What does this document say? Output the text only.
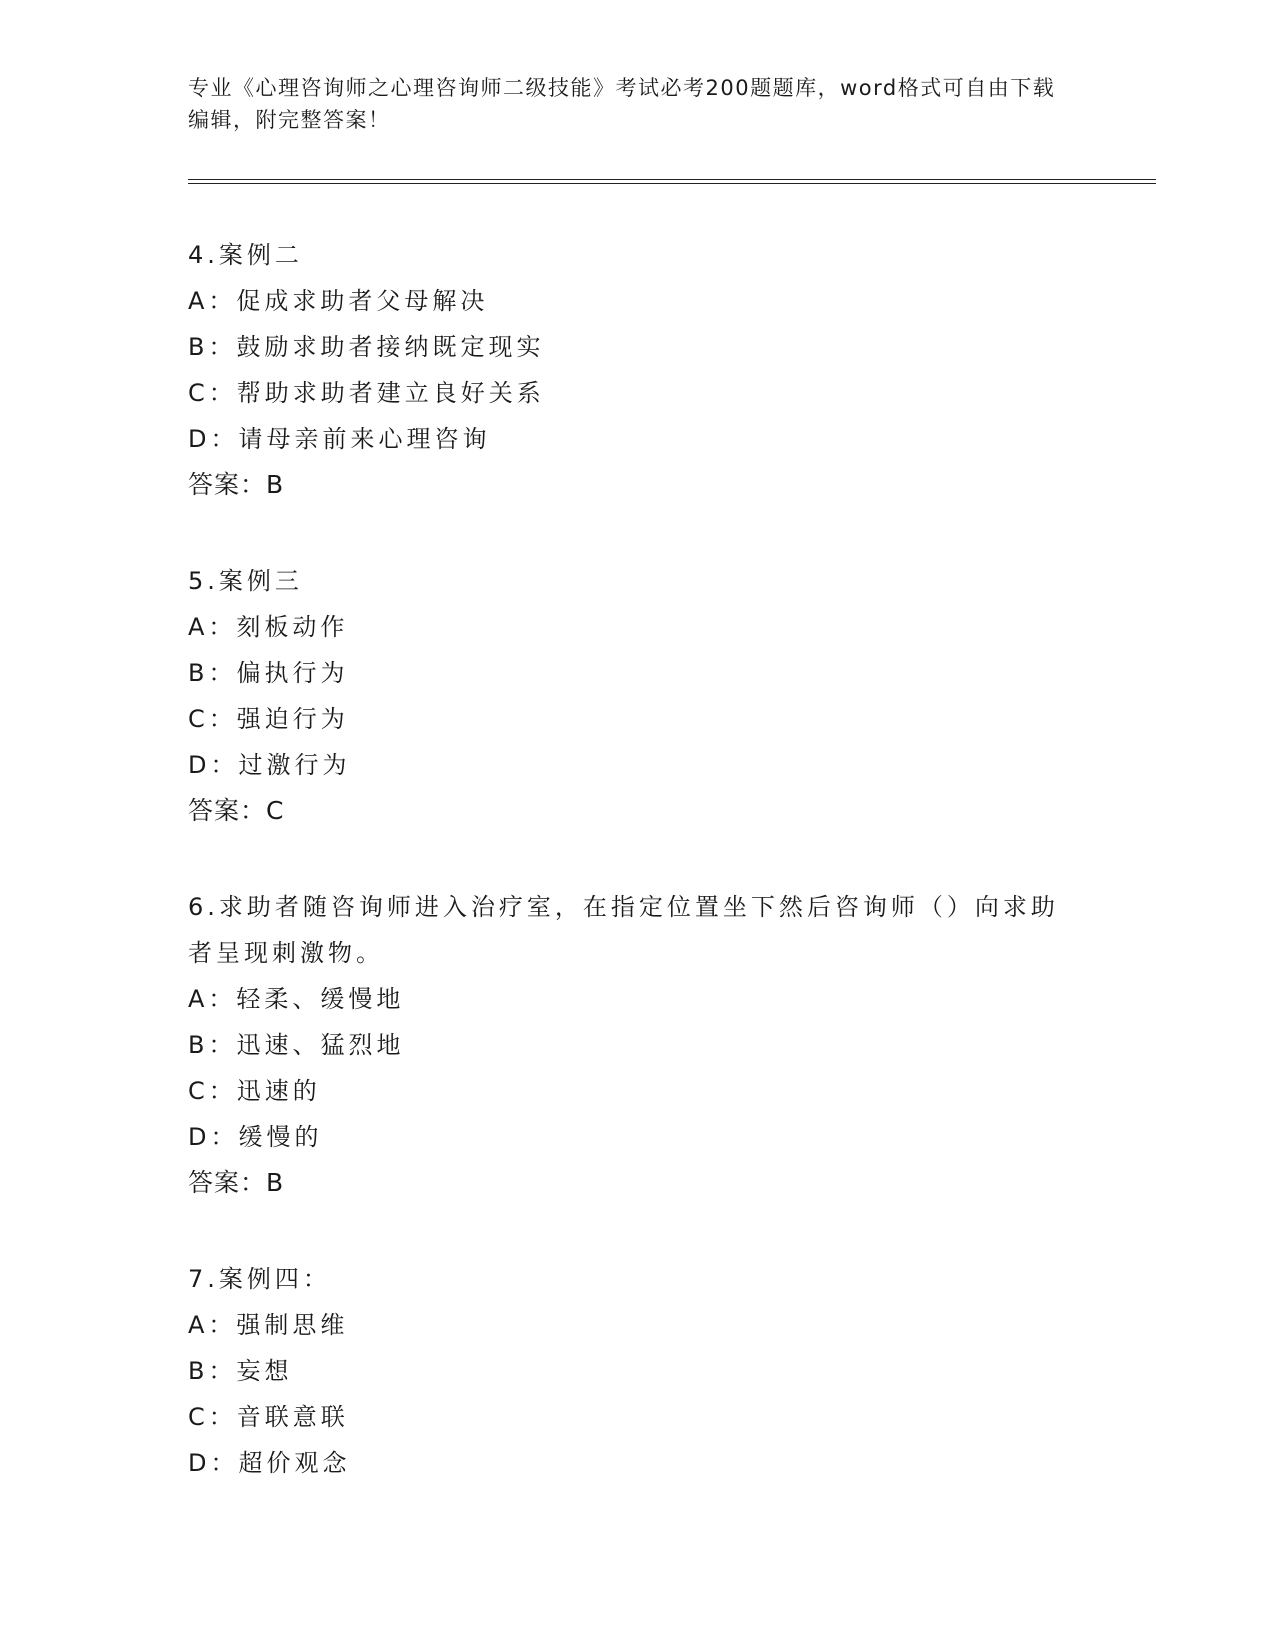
专业《心理咨询师之心理咨询师二级技能》考试必考200题题库，word格式可自由下载编辑，附完整答案！
4.案例二
A：促成求助者父母解决
B：鼓励求助者接纳既定现实
C：帮助求助者建立良好关系
D：请母亲前来心理咨询
答案：B
5.案例三
A：刻板动作
B：偏执行为
C：强迫行为
D：过激行为
答案：C
6.求助者随咨询师进入治疗室，在指定位置坐下然后咨询师（）向求助者呈现刺激物。
A：轻柔、缓慢地
B：迅速、猛烈地
C：迅速的
D：缓慢的
答案：B
7.案例四：
A：强制思维
B：妄想
C：音联意联
D：超价观念
